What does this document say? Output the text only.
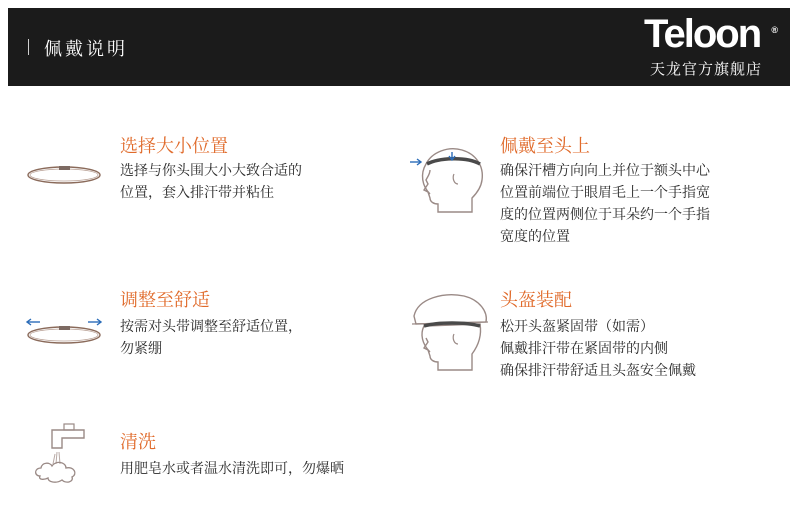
佩戴说明	Teloon ®
天龙官方旗舰店
选择大小位置
选择与你头围大小大致合适的
位置，套入排汗带并粘住
佩戴至头上
确保汗槽方向向上并位于额头中心
位置前端位于眼眉毛上一个手指宽
度的位置两侧位于耳朵约一个手指
宽度的位置
调整至舒适
按需对头带调整至舒适位置，
勿紧绷
头盔装配
松开头盔紧固带（如需）
佩戴排汗带在紧固带的内侧
确保排汗带舒适且头盔安全佩戴
清洗
用肥皂水或者温水清洗即可，勿爆晒
